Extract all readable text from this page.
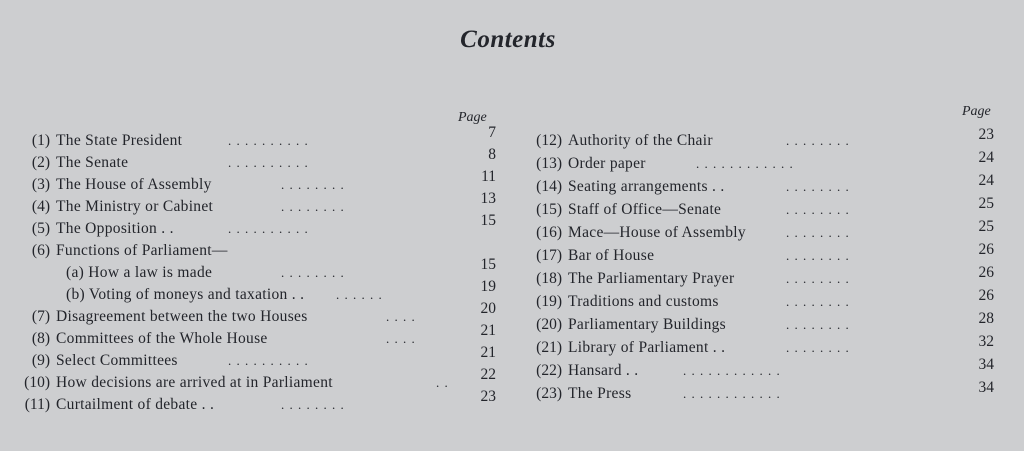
Contents
Page	Page
(1) The State President	. . . . . . . . . .	7
(2) The Senate	. . . . . . . . . .	8
(3) The House of Assembly	. . . . . . . .	11
(4) The Ministry or Cabinet	. . . . . . . .	13
(5) The Opposition . .	. . . . . . . . . .	15
(6) Functions of Parliament—
(a) How a law is made	. . . . . . . .	15
(b) Voting of moneys and taxation . . . . . . . .	19
(7) Disagreement between the two Houses	. . . .	20
(8) Committees of the Whole House	. . . .	21
(9) Select Committees	. . . . . . . . . .	21
(10) How decisions are arrived at in Parliament	. .	22
(11) Curtailment of debate . .	. . . . . . . .	23
(12) Authority of the Chair	. . . . . . . .	23
(13) Order paper	. . . . . . . . . . . .	24
(14) Seating arrangements . .	. . . . . . . .	24
(15) Staff of Office—Senate	. . . . . . . .	25
(16) Mace—House of Assembly	. . . . . . . .	25
(17) Bar of House	. . . . . . . .	26
(18) The Parliamentary Prayer	. . . . . . . .	26
(19) Traditions and customs	. . . . . . . .	26
(20) Parliamentary Buildings	. . . . . . . .	28
(21) Library of Parliament . .	. . . . . . . .	32
(22) Hansard . .	. . . . . . . . . . . .	34
(23) The Press	. . . . . . . . . . . .	34
